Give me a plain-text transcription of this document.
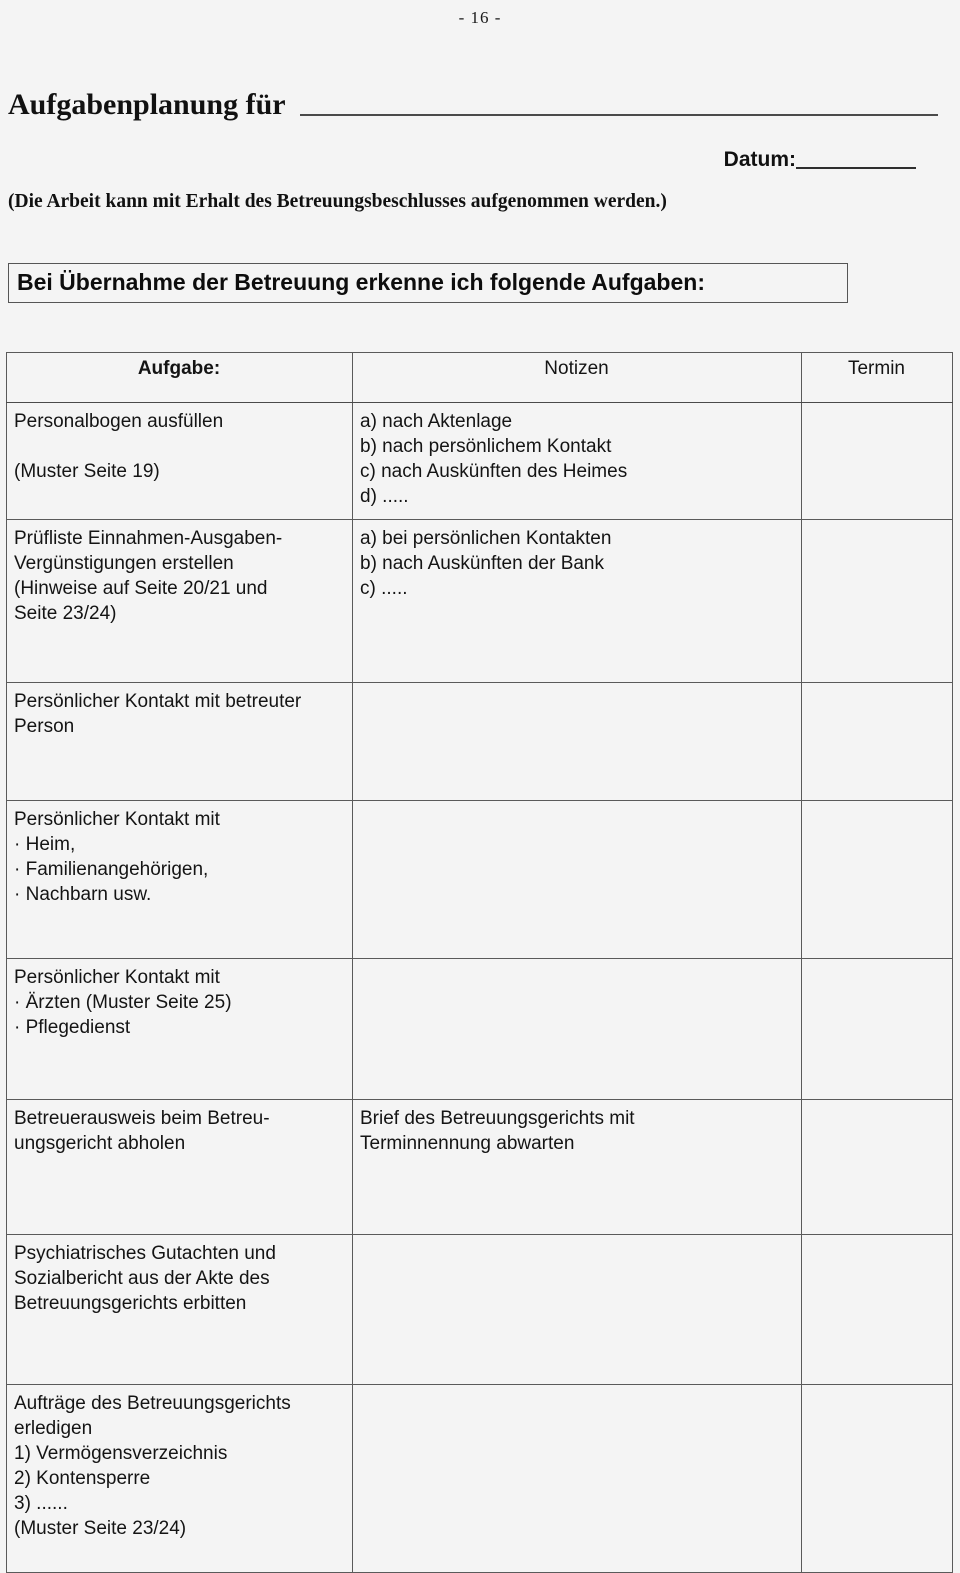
- 16 -
Aufgabenplanung für
Datum:
(Die Arbeit kann mit Erhalt des Betreuungsbeschlusses aufgenommen werden.)
Bei Übernahme der Betreuung erkenne ich folgende Aufgaben:
Aufgabe:	Notizen	Termin

Personalbogen ausfüllen
(Muster Seite 19)	a) nach Aktenlage
b) nach persönlichem Kontakt
c) nach Auskünften des Heimes
d) .....	

Prüfliste Einnahmen-Ausgaben-
Vergünstigungen erstellen
(Hinweise auf Seite 20/21 und
Seite 23/24)	a) bei persönlichen Kontakten
b) nach Auskünften der Bank
c) .....	

Persönlicher Kontakt mit betreuter
Person		

Persönlicher Kontakt mit
· Heim,
· Familienangehörigen,
· Nachbarn usw.		

Persönlicher Kontakt mit
· Ärzten (Muster Seite 25)
· Pflegedienst		

Betreuerausweis beim Betreu-
ungsgericht abholen	Brief des Betreuungsgerichts mit
Terminnennung abwarten	

Psychiatrisches Gutachten und
Sozialbericht aus der Akte des
Betreuungsgerichts erbitten		

Aufträge des Betreuungsgerichts
erledigen
1) Vermögensverzeichnis
2) Kontensperre
3) ......
(Muster Seite 23/24)
